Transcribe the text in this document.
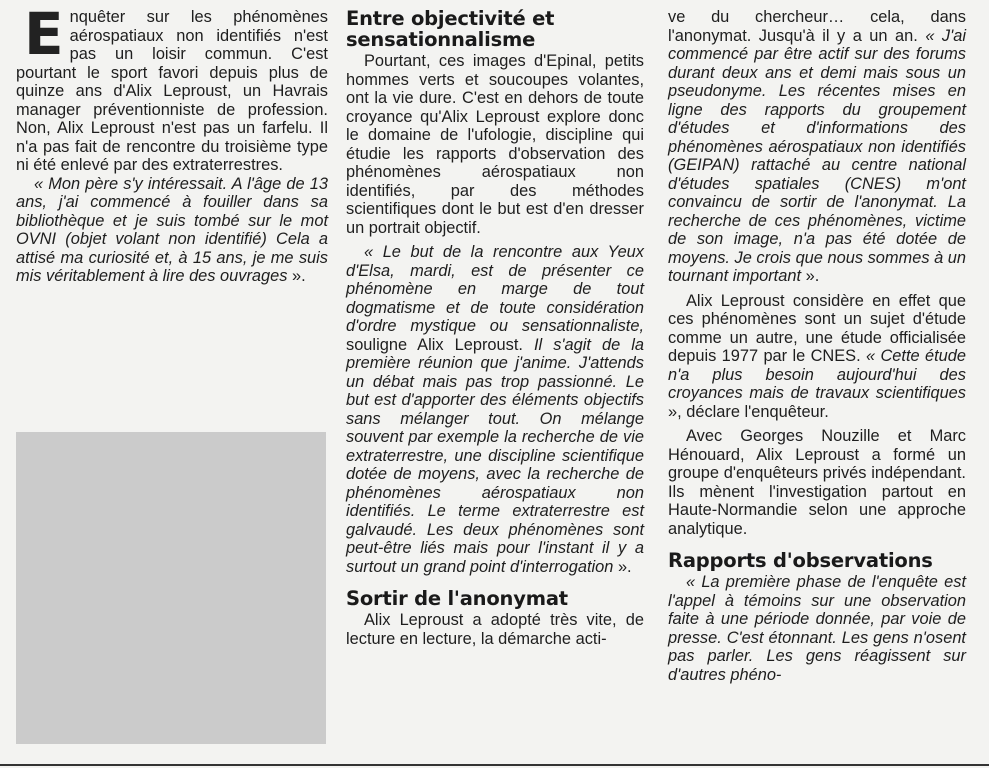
Enquêter sur les phénomènes aérospatiaux non identifiés n'est pas un loisir commun. C'est pourtant le sport favori depuis plus de quinze ans d'Alix Leproust, un Havrais manager préventionniste de profession. Non, Alix Leproust n'est pas un farfelu. Il n'a pas fait de rencontre du troisième type ni été enlevé par des extraterrestres.

« Mon père s'y intéressait. A l'âge de 13 ans, j'ai commencé à fouiller dans sa bibliothèque et je suis tombé sur le mot OVNI (objet volant non identifié) Cela a attisé ma curiosité et, à 15 ans, je me suis mis véritablement à lire des ouvrages ».

Entre objectivité et sensationnalisme

Pourtant, ces images d'Epinal, petits hommes verts et soucoupes volantes, ont la vie dure. C'est en dehors de toute croyance qu'Alix Leproust explore donc le domaine de l'ufologie, discipline qui étudie les rapports d'observation des phénomènes aérospatiaux non identifiés, par des méthodes scientifiques dont le but est d'en dresser un portrait objectif.

« Le but de la rencontre aux Yeux d'Elsa, mardi, est de présenter ce phénomène en marge de tout dogmatisme et de toute considération d'ordre mystique ou sensationnaliste, souligne Alix Leproust. Il s'agit de la première réunion que j'anime. J'attends un débat mais pas trop passionné. Le but est d'apporter des éléments objectifs sans mélanger tout. On mélange souvent par exemple la recherche de vie extraterrestre, une discipline scientifique dotée de moyens, avec la recherche de phénomènes aérospatiaux non identifiés. Le terme extraterrestre est galvaudé. Les deux phénomènes sont peut-être liés mais pour l'instant il y a surtout un grand point d'interrogation ».

Sortir de l'anonymat

Alix Leproust a adopté très vite, de lecture en lecture, la démarche acti-

ve du chercheur… cela, dans l'anonymat. Jusqu'à il y a un an. « J'ai commencé par être actif sur des forums durant deux ans et demi mais sous un pseudonyme. Les récentes mises en ligne des rapports du groupement d'études et d'informations des phénomènes aérospatiaux non identifiés (GEIPAN) rattaché au centre national d'études spatiales (CNES) m'ont convaincu de sortir de l'anonymat. La recherche de ces phénomènes, victime de son image, n'a pas été dotée de moyens. Je crois que nous sommes à un tournant important ».

Alix Leproust considère en effet que ces phénomènes sont un sujet d'étude comme un autre, une étude officialisée depuis 1977 par le CNES. « Cette étude n'a plus besoin aujourd'hui des croyances mais de travaux scientifiques », déclare l'enquêteur.

Avec Georges Nouzille et Marc Hénouard, Alix Leproust a formé un groupe d'enquêteurs privés indépendant. Ils mènent l'investigation partout en Haute-Normandie selon une approche analytique.

Rapports d'observations

« La première phase de l'enquête est l'appel à témoins sur une observation faite à une période donnée, par voie de presse. C'est étonnant. Les gens n'osent pas parler. Les gens réagissent sur d'autres phéno-
